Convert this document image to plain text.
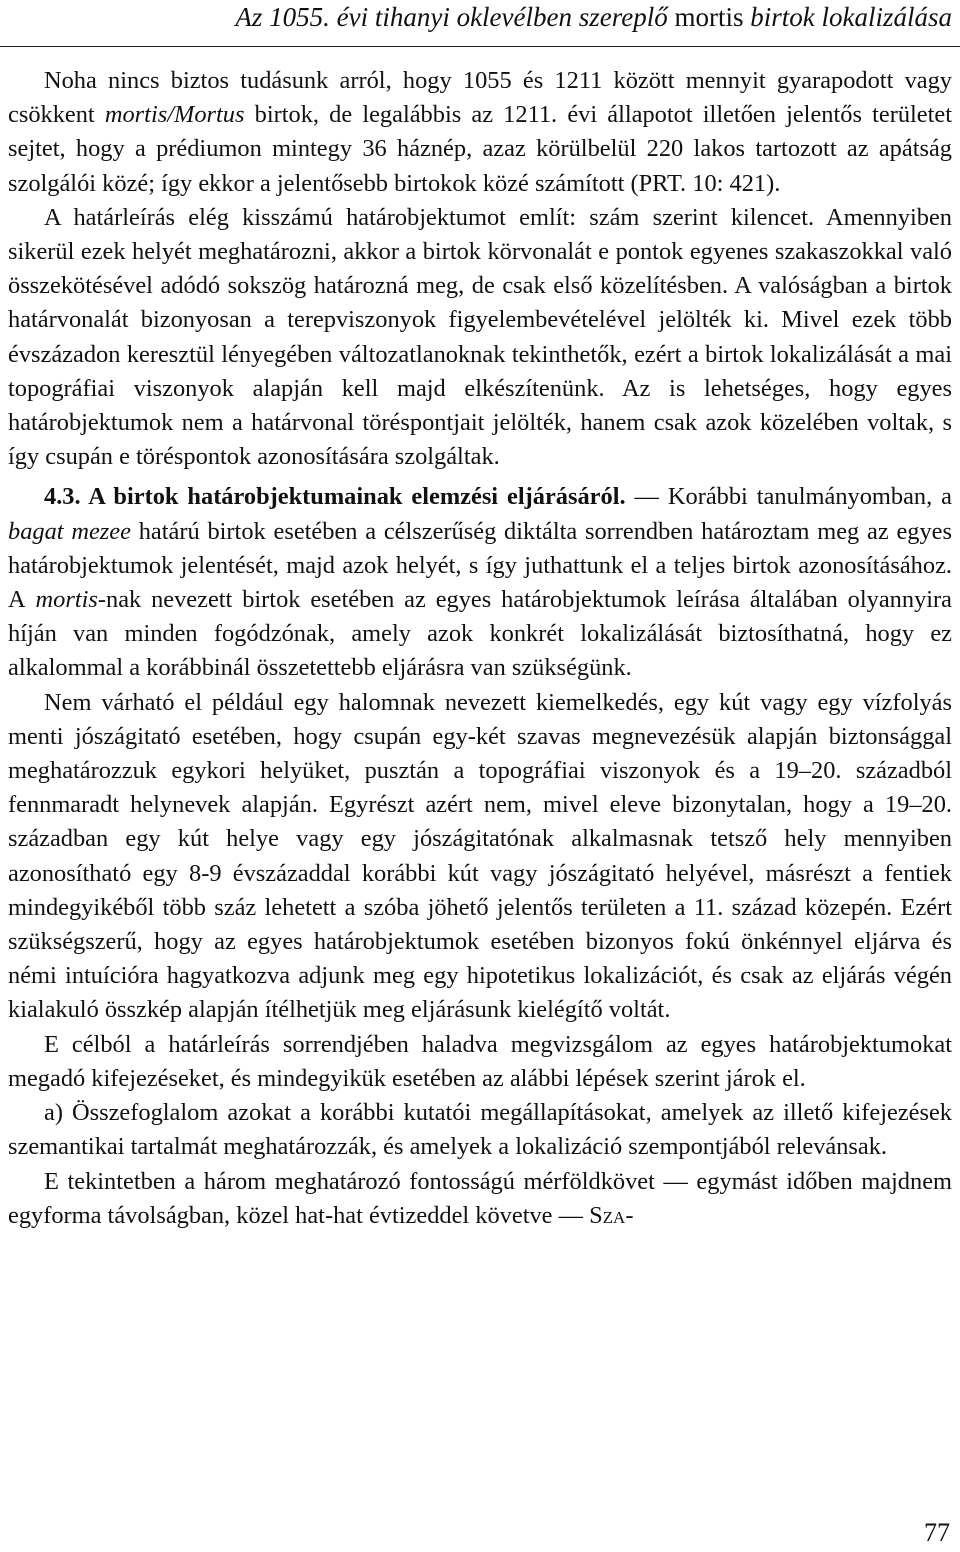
Az 1055. évi tihanyi oklevélben szereplő mortis birtok lokalizálása

Noha nincs biztos tudásunk arról, hogy 1055 és 1211 között mennyit gyarapodott vagy csökkent mortis/Mortus birtok, de legalábbis az 1211. évi állapotot illetően jelentős területet sejtet, hogy a prédiumon mintegy 36 háznép, azaz körülbelül 220 lakos tartozott az apátság szolgálói közé; így ekkor a jelentősebb birtokok közé számított (PRT. 10: 421).

A határleírás elég kisszámú határobjektumot említ: szám szerint kilencet. Amennyiben sikerül ezek helyét meghatározni, akkor a birtok körvonalát e pontok egyenes szakaszokkal való összekötésével adódó sokszög határozná meg, de csak első közelítésben. A valóságban a birtok határvonalát bizonyosan a terepviszonyok figyelembevételével jelölték ki. Mivel ezek több évszázadon keresztül lényegében változatlanoknak tekinthetők, ezért a birtok lokalizálását a mai topográfiai viszonyok alapján kell majd elkészítenünk. Az is lehetséges, hogy egyes határobjektumok nem a határvonal töréspontjait jelölték, hanem csak azok közelében voltak, s így csupán e töréspontok azonosítására szolgáltak.

4.3. A birtok határobjektumainak elemzési eljárásáról. — Korábbi tanulmányomban, a bagat mezee határú birtok esetében a célszerűség diktálta sorrendben határoztam meg az egyes határobjektumok jelentését, majd azok helyét, s így juthattunk el a teljes birtok azonosításához. A mortis-nak nevezett birtok esetében az egyes határobjektumok leírása általában olyannyira híján van minden fogódzónak, amely azok konkrét lokalizálását biztosíthatná, hogy ez alkalommal a korábbinál összetettebb eljárásra van szükségünk.

Nem várható el például egy halomnak nevezett kiemelkedés, egy kút vagy egy vízfolyás menti jószágitató esetében, hogy csupán egy-két szavas megnevezésük alapján biztonsággal meghatározzuk egykori helyüket, pusztán a topográfiai viszonyok és a 19–20. századból fennmaradt helynevek alapján. Egyrészt azért nem, mivel eleve bizonytalan, hogy a 19–20. században egy kút helye vagy egy jószágitatónak alkalmasnak tetsző hely mennyiben azonosítható egy 8-9 évszázaddal korábbi kút vagy jószágitató helyével, másrészt a fentiek mindegyikéből több száz lehetett a szóba jöhető jelentős területen a 11. század közepén. Ezért szükségszerű, hogy az egyes határobjektumok esetében bizonyos fokú önkénnyel eljárva és némi intuícióra hagyatkozva adjunk meg egy hipotetikus lokalizációt, és csak az eljárás végén kialakuló összkép alapján ítélhetjük meg eljárásunk kielégítő voltát.

E célból a határleírás sorrendjében haladva megvizsgálom az egyes határobjektumokat megadó kifejezéseket, és mindegyikük esetében az alábbi lépések szerint járok el.

a) Összefoglalom azokat a korábbi kutatói megállapításokat, amelyek az illető kifejezések szemantikai tartalmát meghatározzák, és amelyek a lokalizáció szempontjából relevánsak.

E tekintetben a három meghatározó fontosságú mérföldkövet — egymást időben majdnem egyforma távolságban, közel hat-hat évtizeddel követve — Sza-

77
